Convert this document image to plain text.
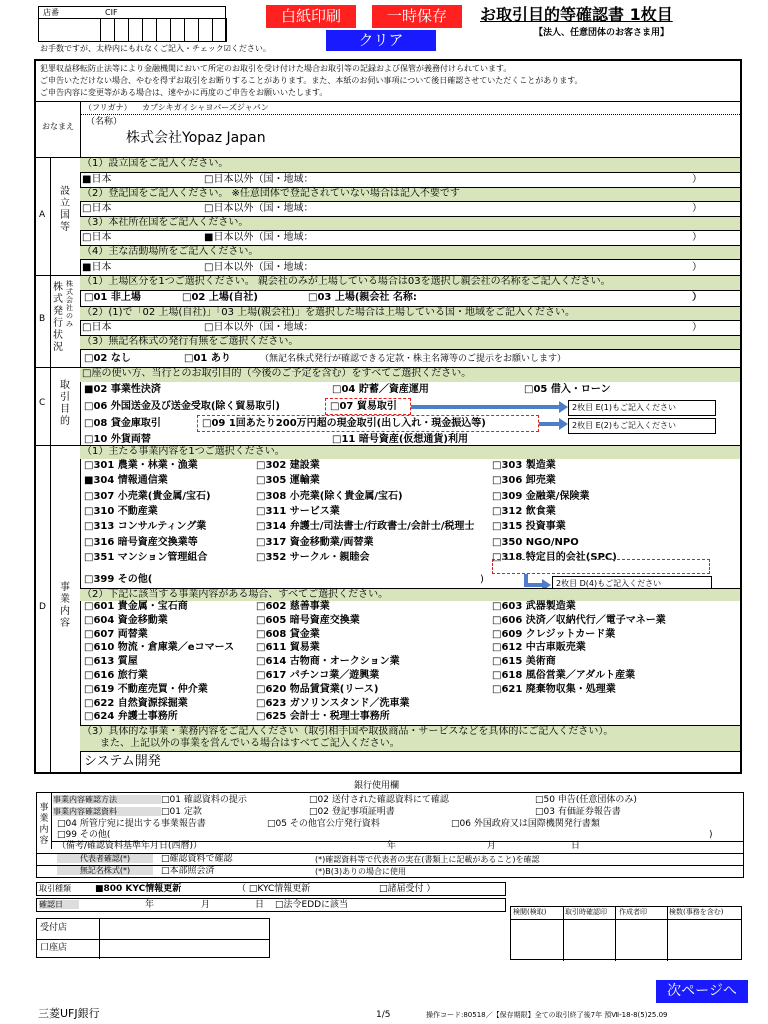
店番	CIF
お手数ですが、太枠内にもれなくご記入・チェック☑ください。
白紙印刷	一時保存
クリア
お取引目的等確認書 1枚目
【法人、任意団体のお客さま用】
犯罪収益移転防止法等により金融機関において所定のお取引を受け付けた場合お取引等の記録および保管が義務付けられています。
ご申告いただけない場合、やむを得ずお取引をお断りすることがあります。また、本紙のお伺い事項について後日確認させていただくことがあります。
ご申告内容に変更等がある場合は、速やかに再度のご申告をお願いいたします。
おなまえ
（フリガナ） カブシキガイシャヨパーズジャパン
（名称）
株式会社Yopaz Japan
A
設
立
国
等
（1）設立国をご記入ください。
■日本	□日本以外（国・地域：	）
（2）登記国をご記入ください。 ※任意団体で登記されていない場合は記入不要です
□日本	□日本以外（国・地域：	）
（3）本社所在国をご記入ください。
□日本	■日本以外（国・地域：	）
（4）主な活動場所をご記入ください。
■日本	□日本以外（国・地域：	）
B
株
式
発
行
状
況
株式会社のみ
（1）上場区分を1つご選択ください。 親会社のみが上場している場合は03を選択し親会社の名称をご記入ください。
□01 非上場	□02 上場(自社)	□03 上場(親会社 名称:	）
（2）(1)で「02 上場(自社)」「03 上場(親会社)」を選択した場合は上場している国・地域をご記入ください。
□日本	□日本以外（国・地域：	）
（3）無記名株式の発行有無をご選択ください。
□02 なし	□01 あり	（無記名株式発行が確認できる定款・株主名簿等のご提示をお願いします）
C
取
引
目
的
□座の使い方、当行とのお取引目的（今後のご予定を含む）をすべてご選択ください。
■02 事業性決済	□04 貯蓄／資産運用	□05 借入・ローン
□06 外国送金及び送金受取(除く貿易取引)	□07 貿易取引
□08 貸金庫取引	□09 1回あたり200万円超の現金取引(出し入れ・現金振込等)
□10 外貨両替	□11 暗号資産(仮想通貨)利用
2枚目 E(1)もご記入ください
2枚目 E(2)もご記入ください
D
事
業
内
容
（1）主たる事業内容を1つご選択ください。
□301 農業・林業・漁業	□302 建設業	□303 製造業
■304 情報通信業	□305 運輸業	□306 卸売業
□307 小売業(貴金属/宝石)	□308 小売業(除く貴金属/宝石)	□309 金融業/保険業
□310 不動産業	□311 サービス業	□312 飲食業
□313 コンサルティング業	□314 弁護士/司法書士/行政書士/会計士/税理士 □315 投資事業
□316 暗号資産交換業等	□317 資金移動業/両替業	□350 NGO/NPO
□351 マンション管理組合	□352 サークル・親睦会	□318 特定目的会社(SPC)
□399 その他(	)	2枚目 D(4)もご記入ください
（2）下記に該当する事業内容がある場合、すべてご選択ください。
□601 貴金属・宝石商	□602 慈善事業	□603 武器製造業
□604 資金移動業	□605 暗号資産交換業	□606 決済／収納代行／電子マネー業
□607 両替業	□608 貸金業	□609 クレジットカード業
□610 物流・倉庫業／eコマース □611 貿易業	□612 中古車販売業
□613 質屋	□614 古物商・オークション業	□615 美術商
□616 旅行業	□617 パチンコ業／遊興業	□618 風俗営業／アダルト産業
□619 不動産売買・仲介業	□620 物品賃貸業(リース)	□621 廃棄物収集・処理業
□622 自然資源採掘業	□623 ガソリンスタンド／洗車業
□624 弁護士事務所	□625 会計士・税理士事務所
（3）具体的な事業・業務内容をご記入ください（取引相手国や取扱商品・サービスなどを具体的にご記入ください）。
また、上記以外の事業を営んでいる場合はすべてご記入ください。
システム開発
銀行使用欄
事
業
内
容
事業内容確認方法	□01 確認資料の提示	□02 送付された確認資料にて確認	□50 申告(任意団体のみ)
事業内容確認資料	□01 定款	□02 登記事項証明書	□03 有価証券報告書
□04 所管庁宛に提出する事業報告書	□05 その他官公庁発行資料	□06 外国政府又は国際機関発行書類
□99 その他(	)
（備考/確認資料基準年月日(西暦)）	年	月	日
代表者確認(*)	□確認資料で確認	(*)確認資料等で代表者の実在(書類上に記載があること)を確認
無記名株式(*)	□本部照会済	(*)B(3)ありの場合に使用
取引種類	■800 KYC情報更新	（ □KYC情報更新	□諸届受付 ）
確認日	年	月	日 □法令EDDに該当
検閲(検取)	取引時確認印 作成者印	検数(事務を含む)
受付店
口座店
次ページへ
三菱UFJ銀行	1/5	操作コード:80518／【保存期限】全ての取引終了後7年 預Ⅶ-18-8(5)25.09
